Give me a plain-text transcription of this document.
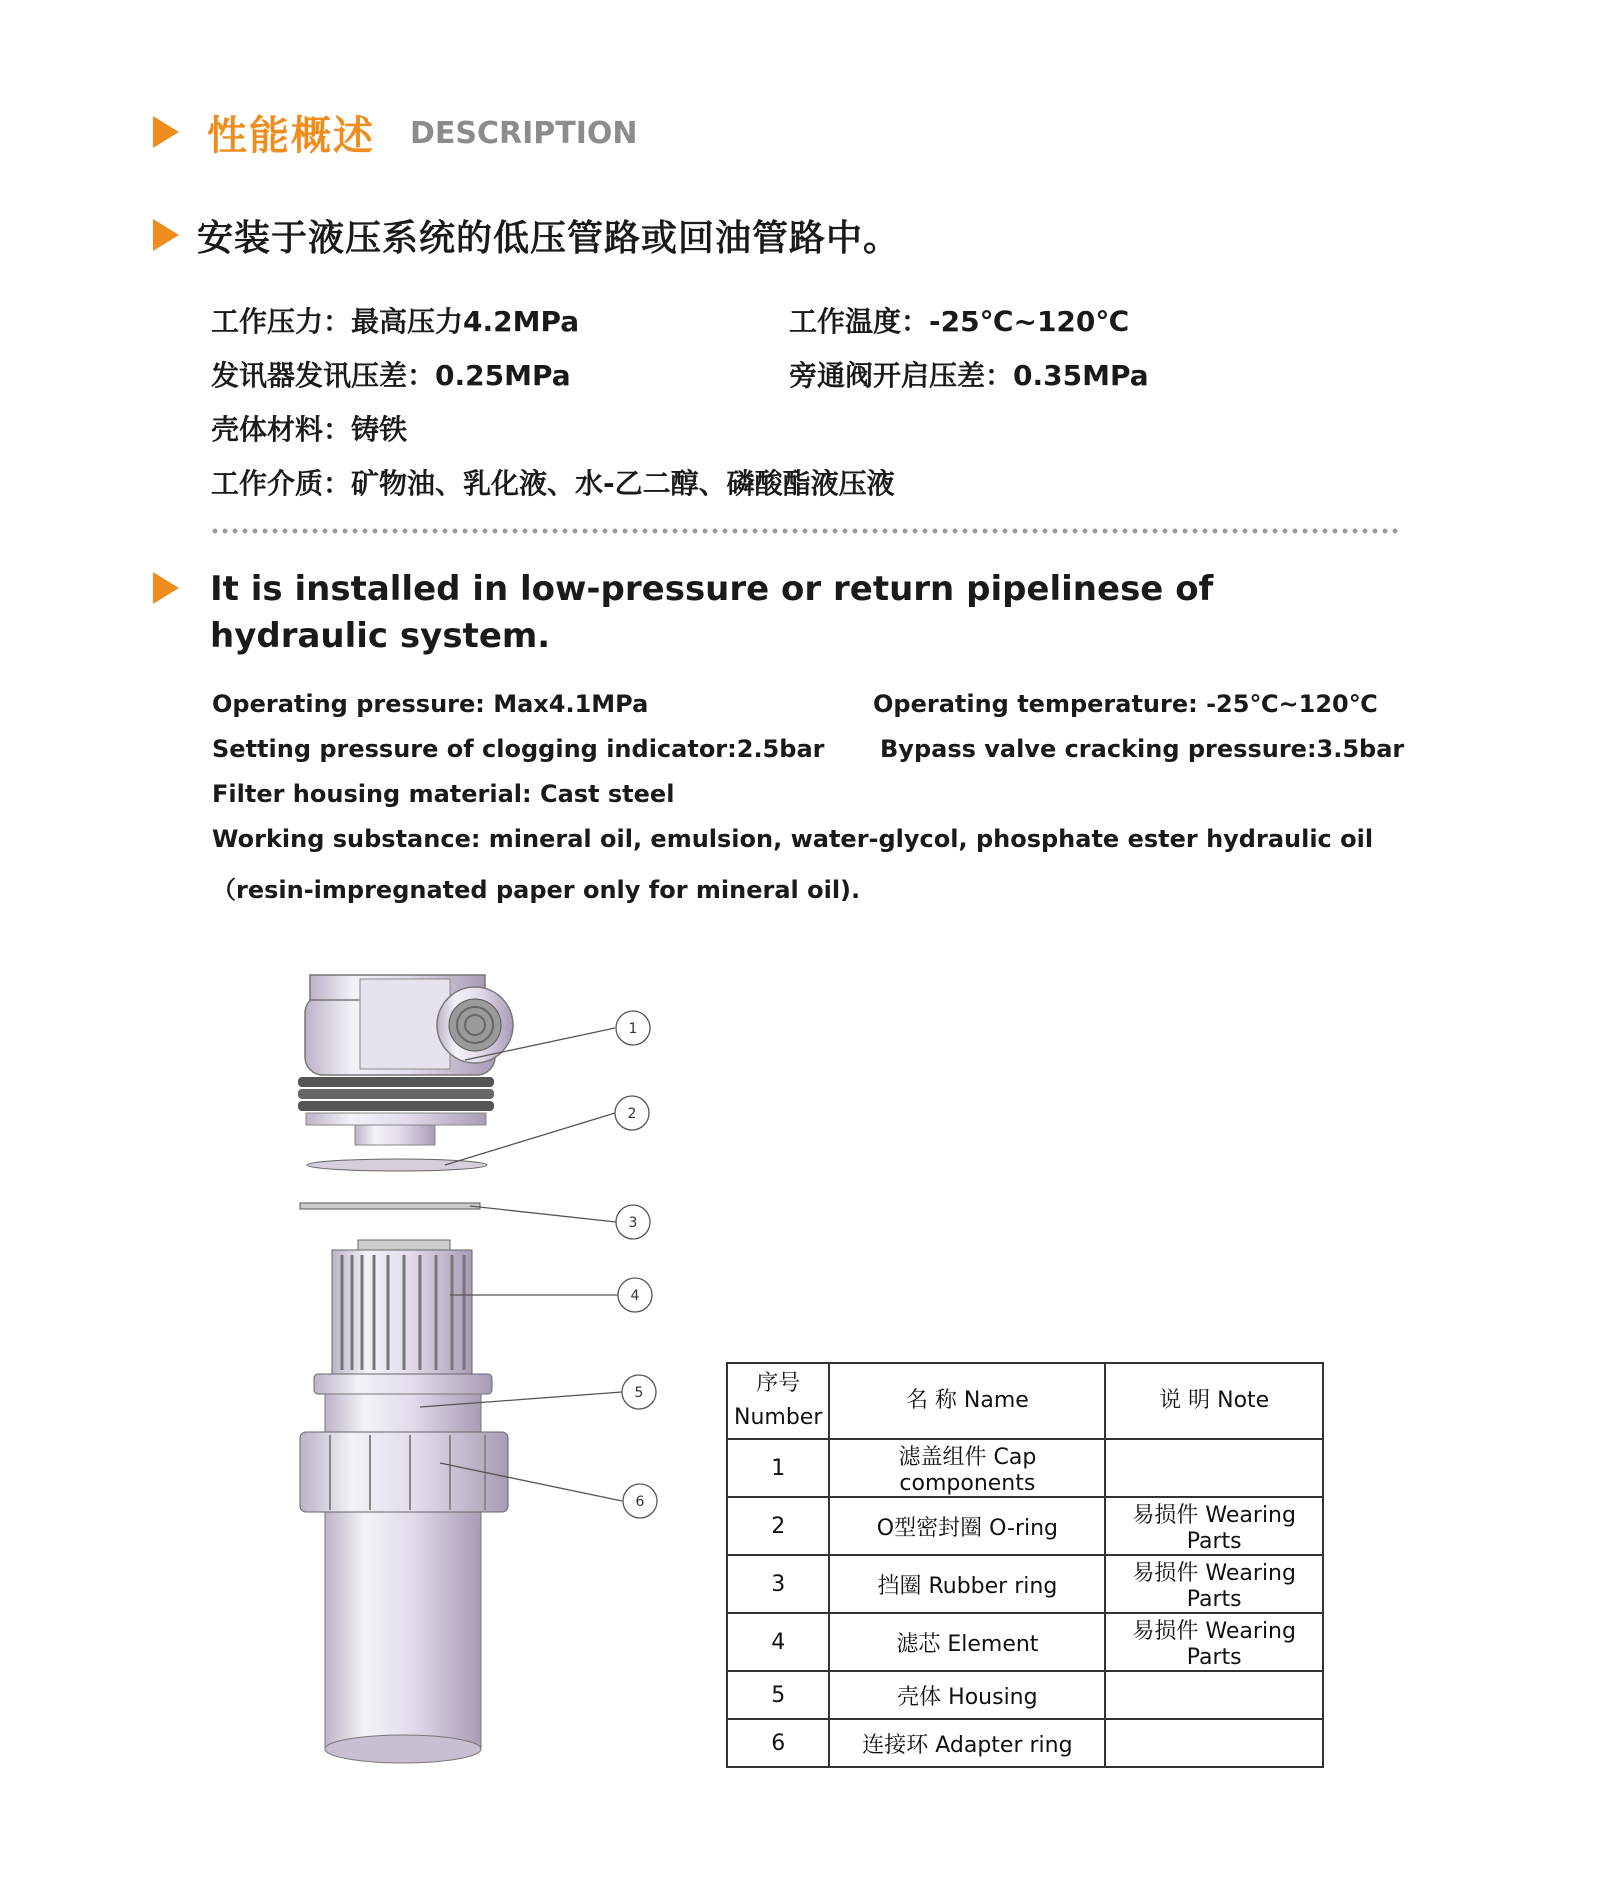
性能概述 DESCRIPTION
安装于液压系统的低压管路或回油管路中。
工作压力：最高压力4.2MPa	工作温度：-25℃~120℃
发讯器发讯压差：0.25MPa	旁通阀开启压差：0.35MPa
壳体材料：铸铁
工作介质：矿物油、乳化液、水-乙二醇、磷酸酯液压液
It is installed in low-pressure or return pipelinese of hydraulic system.
Operating pressure: Max4.1MPa	Operating temperature: -25℃~120℃
Setting pressure of clogging indicator:2.5bar Bypass valve cracking pressure:3.5bar
Filter housing material: Cast steel
Working substance: mineral oil, emulsion, water-glycol, phosphate ester hydraulic oil
（resin-impregnated paper only for mineral oil).
1
2
3
4
5
6
序号
Number	名 称 Name	说 明 Note
1	滤盖组件 Cap components	
2	O型密封圈 O-ring	易损件 Wearing Parts
3	挡圈 Rubber ring	易损件 Wearing Parts
4	滤芯 Element	易损件 Wearing Parts
5	壳体 Housing	
6	连接环 Adapter ring	
